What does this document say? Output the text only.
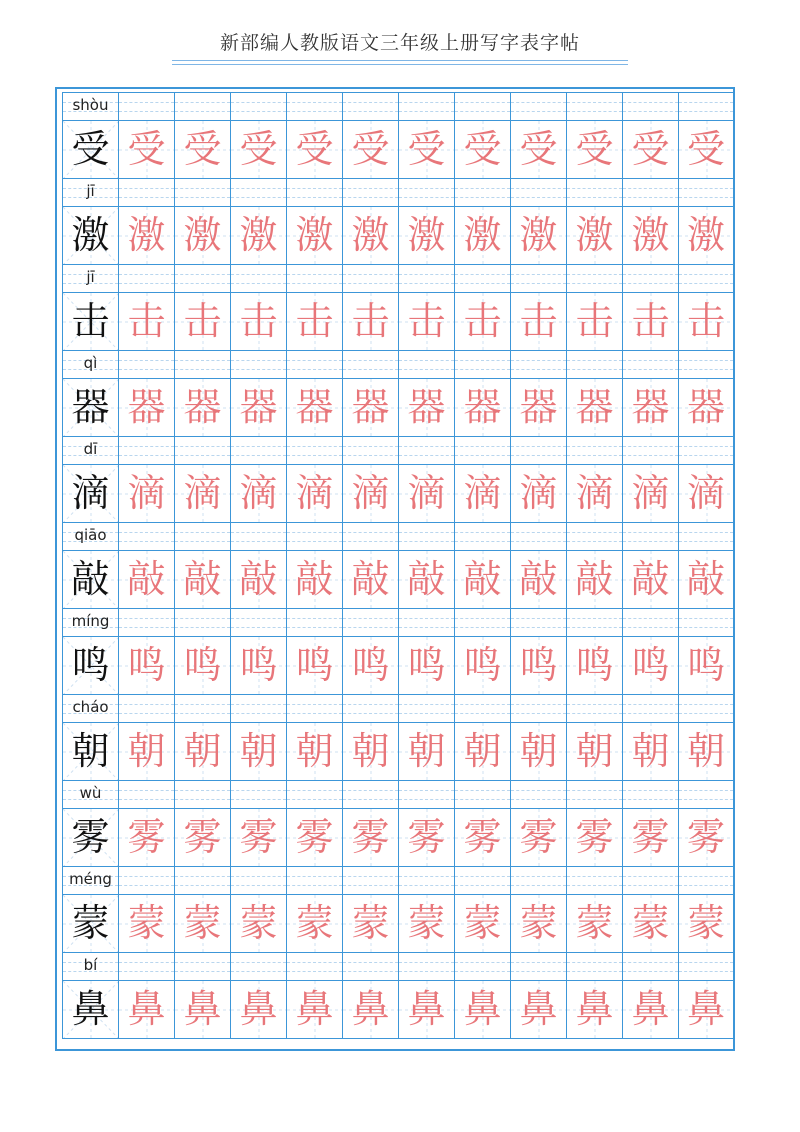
新部编人教版语文三年级上册写字表字帖
shòu
受 受 受 受 受 受 受 受 受 受 受 受
jī
激 激 激 激 激 激 激 激 激 激 激 激
jī
击 击 击 击 击 击 击 击 击 击 击 击
qì
器 器 器 器 器 器 器 器 器 器 器 器
dī
滴 滴 滴 滴 滴 滴 滴 滴 滴 滴 滴 滴
qiāo
敲 敲 敲 敲 敲 敲 敲 敲 敲 敲 敲 敲
míng
鸣 鸣 鸣 鸣 鸣 鸣 鸣 鸣 鸣 鸣 鸣 鸣
cháo
朝 朝 朝 朝 朝 朝 朝 朝 朝 朝 朝 朝
wù
雾 雾 雾 雾 雾 雾 雾 雾 雾 雾 雾 雾
méng
蒙 蒙 蒙 蒙 蒙 蒙 蒙 蒙 蒙 蒙 蒙 蒙
bí
鼻 鼻 鼻 鼻 鼻 鼻 鼻 鼻 鼻 鼻 鼻 鼻
